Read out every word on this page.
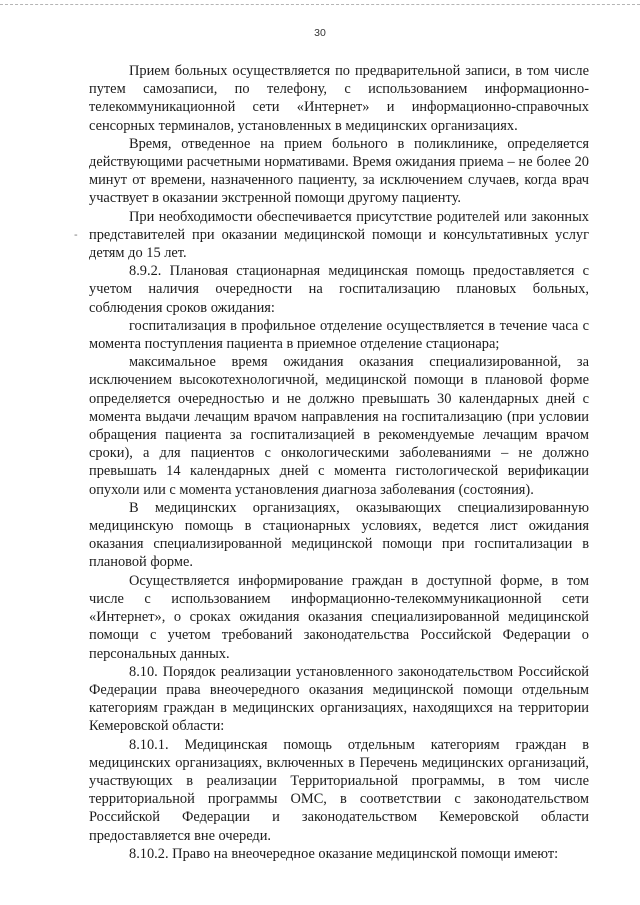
30
-

Прием больных осуществляется по предварительной записи, в том числе путем самозаписи, по телефону, с использованием информационно-телекоммуникационной сети «Интернет» и информационно-справочных сенсорных терминалов, установленных в медицинских организациях.

Время, отведенное на прием больного в поликлинике, определяется действующими расчетными нормативами. Время ожидания приема – не более 20 минут от времени, назначенного пациенту, за исключением случаев, когда врач участвует в оказании экстренной помощи другому пациенту.

При необходимости обеспечивается присутствие родителей или законных представителей при оказании медицинской помощи и консультативных услуг детям до 15 лет.

8.9.2. Плановая стационарная медицинская помощь предоставляется с учетом наличия очередности на госпитализацию плановых больных, соблюдения сроков ожидания:

госпитализация в профильное отделение осуществляется в течение часа с момента поступления пациента в приемное отделение стационара;

максимальное время ожидания оказания специализированной, за исключением высокотехнологичной, медицинской помощи в плановой форме определяется очередностью и не должно превышать 30 календарных дней с момента выдачи лечащим врачом направления на госпитализацию (при условии обращения пациента за госпитализацией в рекомендуемые лечащим врачом сроки), а для пациентов с онкологическими заболеваниями – не должно превышать 14 календарных дней с момента гистологической верификации опухоли или с момента установления диагноза заболевания (состояния).

В медицинских организациях, оказывающих специализированную медицинскую помощь в стационарных условиях, ведется лист ожидания оказания специализированной медицинской помощи при госпитализации в плановой форме.

Осуществляется информирование граждан в доступной форме, в том числе с использованием информационно-телекоммуникационной сети «Интернет», о сроках ожидания оказания специализированной медицинской помощи с учетом требований законодательства Российской Федерации о персональных данных.

8.10. Порядок реализации установленного законодательством Российской Федерации права внеочередного оказания медицинской помощи отдельным категориям граждан в медицинских организациях, находящихся на территории Кемеровской области:

8.10.1. Медицинская помощь отдельным категориям граждан в медицинских организациях, включенных в Перечень медицинских организаций, участвующих в реализации Территориальной программы, в том числе территориальной программы ОМС, в соответствии с законодательством Российской Федерации и законодательством Кемеровской области предоставляется вне очереди.

8.10.2. Право на внеочередное оказание медицинской помощи имеют:
